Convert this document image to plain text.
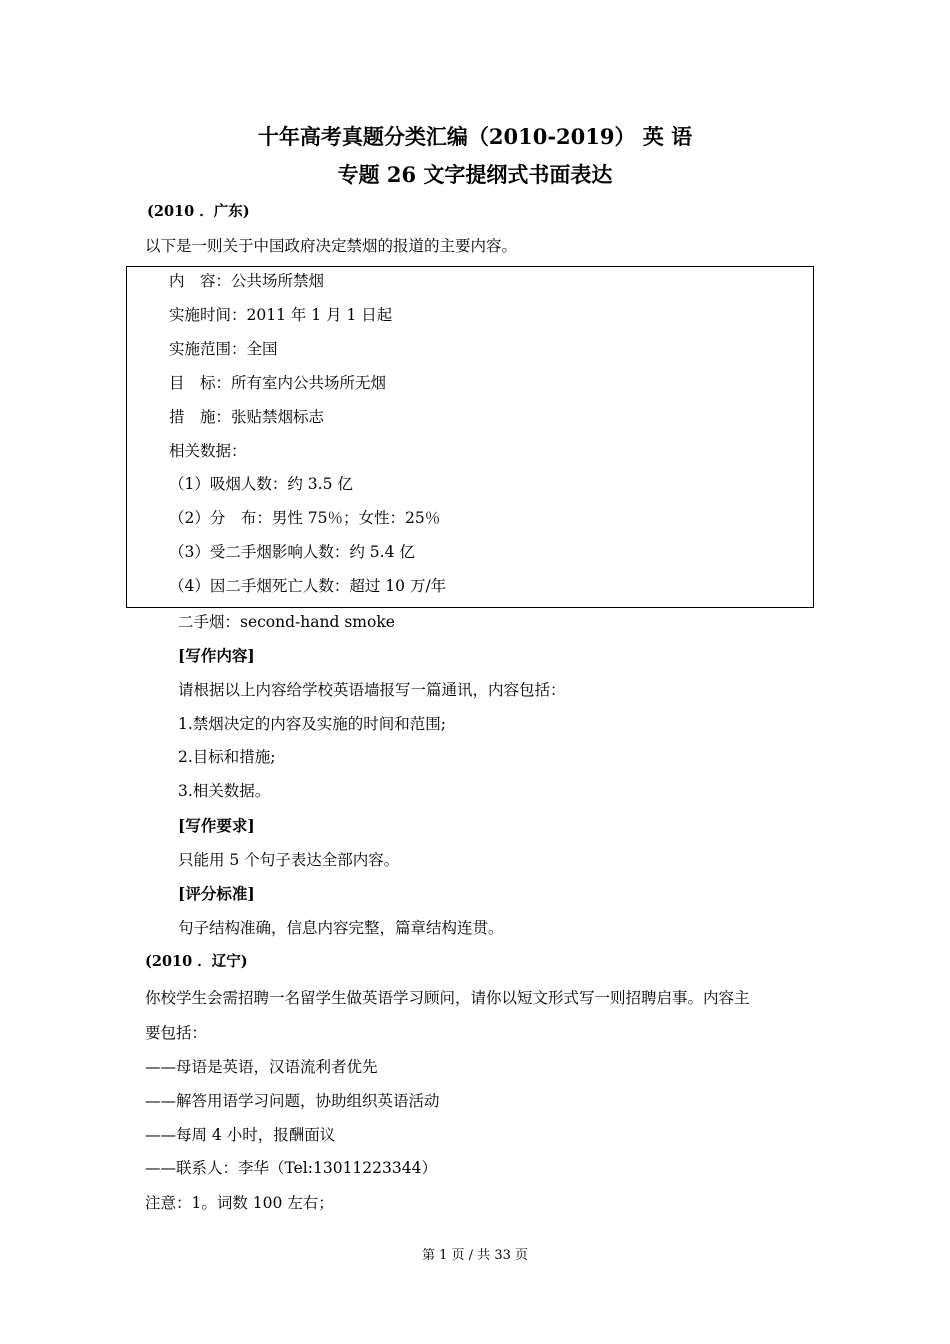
十年高考真题分类汇编（2010-2019） 英 语
专题 26 文字提纲式书面表达
(2010 ．广东)
以下是一则关于中国政府决定禁烟的报道的主要内容。
内　容：公共场所禁烟
实施时间：2011 年 1 月 1 日起
实施范围：全国
目　标：所有室内公共场所无烟
措　施：张贴禁烟标志
相关数据：
（1）吸烟人数：约 3.5 亿
（2）分　布：男性 75％；女性：25％
（3）受二手烟影响人数：约 5.4 亿
（4）因二手烟死亡人数：超过 10 万/年
二手烟：second-hand smoke
[写作内容]
请根据以上内容给学校英语墙报写一篇通讯，内容包括：
1.禁烟决定的内容及实施的时间和范围;
2.目标和措施;
3.相关数据。
[写作要求]
只能用 5 个句子表达全部内容。
[评分标准]
句子结构准确，信息内容完整，篇章结构连贯。
(2010 ．辽宁)
你校学生会需招聘一名留学生做英语学习顾问，请你以短文形式写一则招聘启事。内容主
要包括：
——母语是英语，汉语流利者优先
——解答用语学习问题，协助组织英语活动
——每周 4 小时，报酬面议
——联系人：李华（Tel:13011223344）
注意：1。词数 100 左右；
第 1 页 / 共 33 页
